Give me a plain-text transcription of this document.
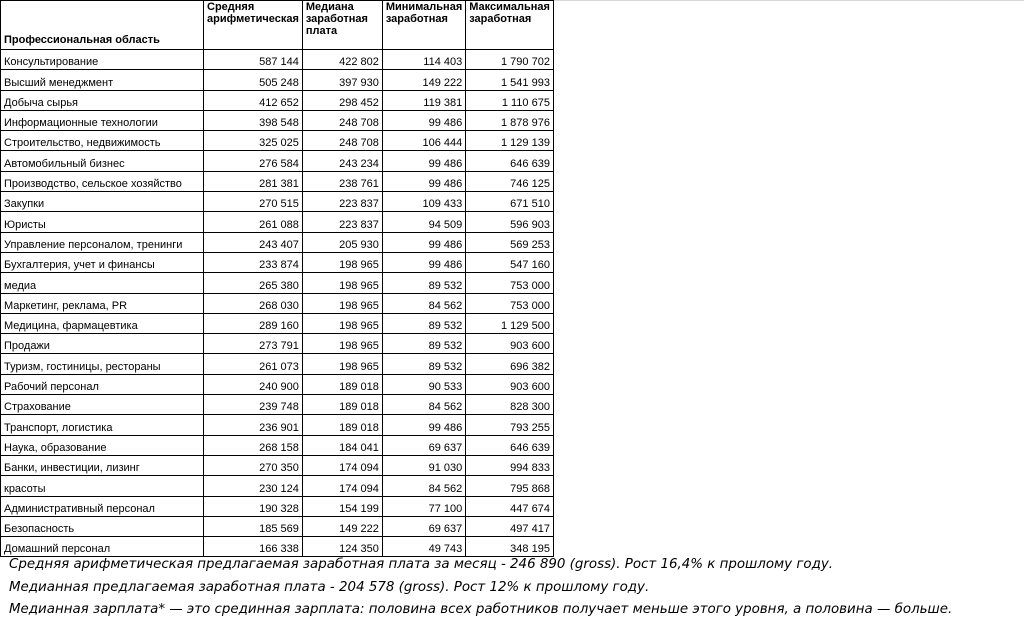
Профессиональная область	Средняя арифметическая	Медиана заработная плата	Минимальная заработная	Максимальная заработная
Консультирование	587 144	422 802	114 403	1 790 702
Высший менеджмент	505 248	397 930	149 222	1 541 993
Добыча сырья	412 652	298 452	119 381	1 110 675
Информационные технологии	398 548	248 708	99 486	1 878 976
Строительство, недвижимость	325 025	248 708	106 444	1 129 139
Автомобильный бизнес	276 584	243 234	99 486	646 639
Производство, сельское хозяйство	281 381	238 761	99 486	746 125
Закупки	270 515	223 837	109 433	671 510
Юристы	261 088	223 837	94 509	596 903
Управление персоналом, тренинги	243 407	205 930	99 486	569 253
Бухгалтерия, учет и финансы	233 874	198 965	99 486	547 160
медиа	265 380	198 965	89 532	753 000
Маркетинг, реклама, PR	268 030	198 965	84 562	753 000
Медицина, фармацевтика	289 160	198 965	89 532	1 129 500
Продажи	273 791	198 965	89 532	903 600
Туризм, гостиницы, рестораны	261 073	198 965	89 532	696 382
Рабочий персонал	240 900	189 018	90 533	903 600
Страхование	239 748	189 018	84 562	828 300
Транспорт, логистика	236 901	189 018	99 486	793 255
Наука, образование	268 158	184 041	69 637	646 639
Банки, инвестиции, лизинг	270 350	174 094	91 030	994 833
красоты	230 124	174 094	84 562	795 868
Административный персонал	190 328	154 199	77 100	447 674
Безопасность	185 569	149 222	69 637	497 417
Домашний персонал	166 338	124 350	49 743	348 195
Средняя арифметическая предлагаемая заработная плата за месяц - 246 890 (gross). Рост 16,4% к прошлому году.
Медианная предлагаемая заработная плата - 204 578 (gross). Рост 12% к прошлому году.
Медианная зарплата* — это срединная зарплата: половина всех работников получает меньше этого уровня, а половина — больше.
